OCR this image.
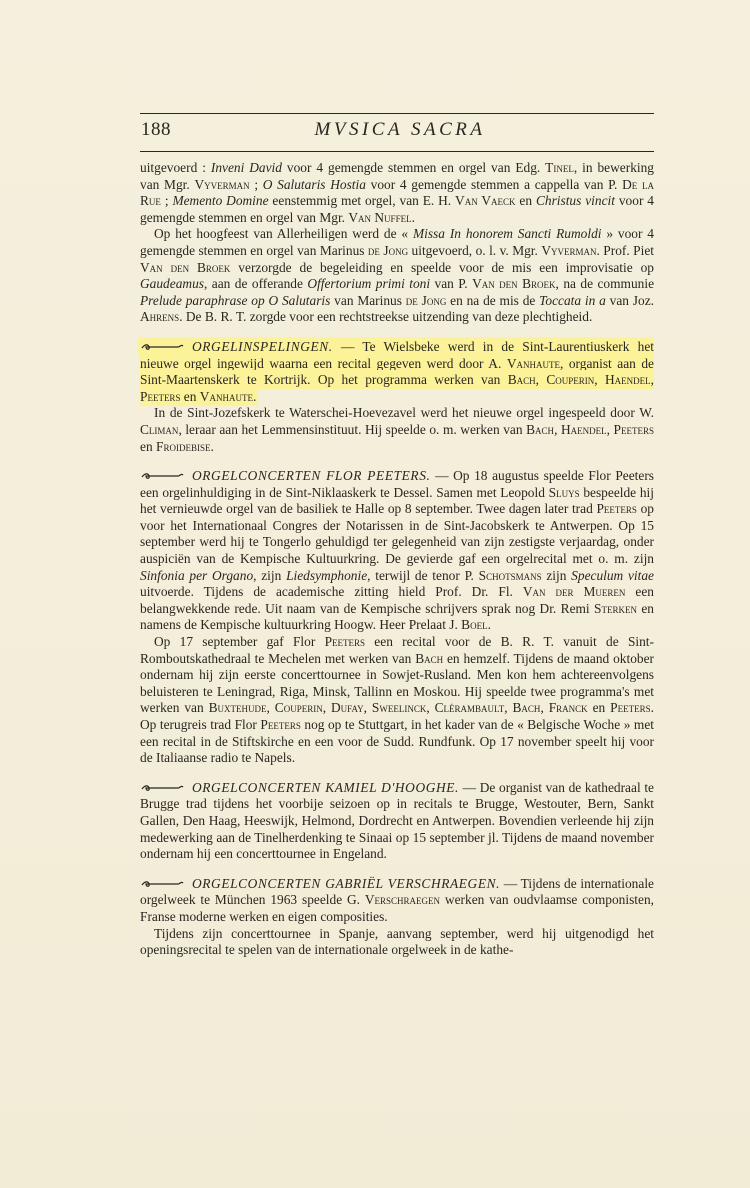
188	MVSICA SACRA

uitgevoerd : Inveni David voor 4 gemengde stemmen en orgel van Edg. Tinel, in bewerking van Mgr. Vyverman ; O Salutaris Hostia voor 4 gemengde stemmen a cappella van P. De la Rue ; Memento Domine eenstemmig met orgel, van E. H. Van Vaeck en Christus vincit voor 4 gemengde stemmen en orgel van Mgr. Van Nuffel.

Op het hoogfeest van Allerheiligen werd de « Missa In honorem Sancti Rumoldi » voor 4 gemengde stemmen en orgel van Marinus de Jong uitgevoerd, o. l. v. Mgr. Vyverman. Prof. Piet Van den Broek verzorgde de begeleiding en speelde voor de mis een improvisatie op Gaudeamus, aan de offerande Offertorium primi toni van P. Van den Broek, na de communie Prelude paraphrase op O Salutaris van Marinus de Jong en na de mis de Toccata in a van Joz. Ahrens. De B. R. T. zorgde voor een rechtstreekse uitzending van deze plechtigheid.

ORGELINSPELINGEN. — Te Wielsbeke werd in de Sint-Laurentiuskerk het nieuwe orgel ingewijd waarna een recital gegeven werd door A. Vanhaute, organist aan de Sint-Maartenskerk te Kortrijk. Op het programma werken van Bach, Couperin, Haendel, Peeters en Vanhaute.

In de Sint-Jozefskerk te Waterschei-Hoevezavel werd het nieuwe orgel ingespeeld door W. Climan, leraar aan het Lemmensinstituut. Hij speelde o. m. werken van Bach, Haendel, Peeters en Froidebise.

ORGELCONCERTEN FLOR PEETERS. — Op 18 augustus speelde Flor Peeters een orgelinhuldiging in de Sint-Niklaaskerk te Dessel. Samen met Leopold Sluys bespeelde hij het vernieuwde orgel van de basiliek te Halle op 8 september. Twee dagen later trad Peeters op voor het Internationaal Congres der Notarissen in de Sint-Jacobskerk te Antwerpen. Op 15 september werd hij te Tongerlo gehuldigd ter gelegenheid van zijn zestigste verjaardag, onder auspiciën van de Kempische Kultuurkring. De gevierde gaf een orgelrecital met o. m. zijn Sinfonia per Organo, zijn Liedsymphonie, terwijl de tenor P. Schotsmans zijn Speculum vitae uitvoerde. Tijdens de academische zitting hield Prof. Dr. Fl. Van der Mueren een belangwekkende rede. Uit naam van de Kempische schrijvers sprak nog Dr. Remi Sterken en namens de Kempische kultuurkring Hoogw. Heer Prelaat J. Boel.

Op 17 september gaf Flor Peeters een recital voor de B. R. T. vanuit de Sint-Romboutskathedraal te Mechelen met werken van Bach en hemzelf. Tijdens de maand oktober ondernam hij zijn eerste concerttournee in Sowjet-Rusland. Men kon hem achtereenvolgens beluisteren te Leningrad, Riga, Minsk, Tallinn en Moskou. Hij speelde twee programma's met werken van Buxtehude, Couperin, Dufay, Sweelinck, Clérambault, Bach, Franck en Peeters. Op terugreis trad Flor Peeters nog op te Stuttgart, in het kader van de « Belgische Woche » met een recital in de Stiftskirche en een voor de Sudd. Rundfunk. Op 17 november speelt hij voor de Italiaanse radio te Napels.

ORGELCONCERTEN KAMIEL D'HOOGHE. — De organist van de kathedraal te Brugge trad tijdens het voorbije seizoen op in recitals te Brugge, Westouter, Bern, Sankt Gallen, Den Haag, Heeswijk, Helmond, Dordrecht en Antwerpen. Bovendien verleende hij zijn medewerking aan de Tinelherdenking te Sinaai op 15 september jl. Tijdens de maand november ondernam hij een concerttournee in Engeland.

ORGELCONCERTEN GABRIËL VERSCHRAEGEN. — Tijdens de internationale orgelweek te München 1963 speelde G. Verschraegen werken van oudvlaamse componisten, Franse moderne werken en eigen composities.

Tijdens zijn concerttournee in Spanje, aanvang september, werd hij uitgenodigd het openingsrecital te spelen van de internationale orgelweek in de kathe-
